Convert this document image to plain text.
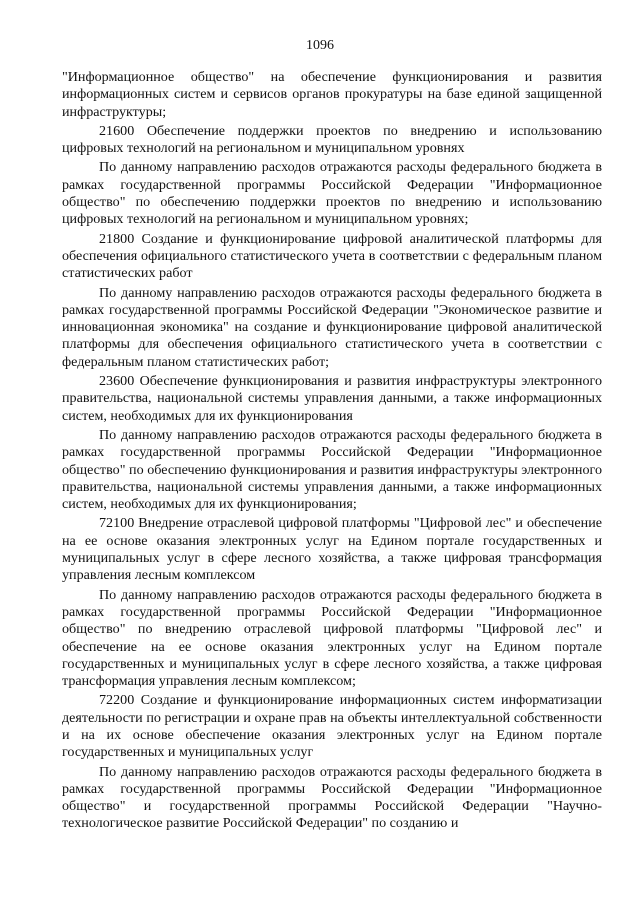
1096

"Информационное общество" на обеспечение функционирования и развития информационных систем и сервисов органов прокуратуры на базе единой защищенной инфраструктуры;

21600 Обеспечение поддержки проектов по внедрению и использованию цифровых технологий на региональном и муниципальном уровнях

По данному направлению расходов отражаются расходы федерального бюджета в рамках государственной программы Российской Федерации "Информационное общество" по обеспечению поддержки проектов по внедрению и использованию цифровых технологий на региональном и муниципальном уровнях;

21800 Создание и функционирование цифровой аналитической платформы для обеспечения официального статистического учета в соответствии с федеральным планом статистических работ

По данному направлению расходов отражаются расходы федерального бюджета в рамках государственной программы Российской Федерации "Экономическое развитие и инновационная экономика" на создание и функционирование цифровой аналитической платформы для обеспечения официального статистического учета в соответствии с федеральным планом статистических работ;

23600 Обеспечение функционирования и развития инфраструктуры электронного правительства, национальной системы управления данными, а также информационных систем, необходимых для их функционирования

По данному направлению расходов отражаются расходы федерального бюджета в рамках государственной программы Российской Федерации "Информационное общество" по обеспечению функционирования и развития инфраструктуры электронного правительства, национальной системы управления данными, а также информационных систем, необходимых для их функционирования;

72100 Внедрение отраслевой цифровой платформы "Цифровой лес" и обеспечение на ее основе оказания электронных услуг на Едином портале государственных и муниципальных услуг в сфере лесного хозяйства, а также цифровая трансформация управления лесным комплексом

По данному направлению расходов отражаются расходы федерального бюджета в рамках государственной программы Российской Федерации "Информационное общество" по внедрению отраслевой цифровой платформы "Цифровой лес" и обеспечение на ее основе оказания электронных услуг на Едином портале государственных и муниципальных услуг в сфере лесного хозяйства, а также цифровая трансформация управления лесным комплексом;

72200 Создание и функционирование информационных систем информатизации деятельности по регистрации и охране прав на объекты интеллектуальной собственности и на их основе обеспечение оказания электронных услуг на Едином портале государственных и муниципальных услуг

По данному направлению расходов отражаются расходы федерального бюджета в рамках государственной программы Российской Федерации "Информационное общество" и государственной программы Российской Федерации "Научно-технологическое развитие Российской Федерации" по созданию и
